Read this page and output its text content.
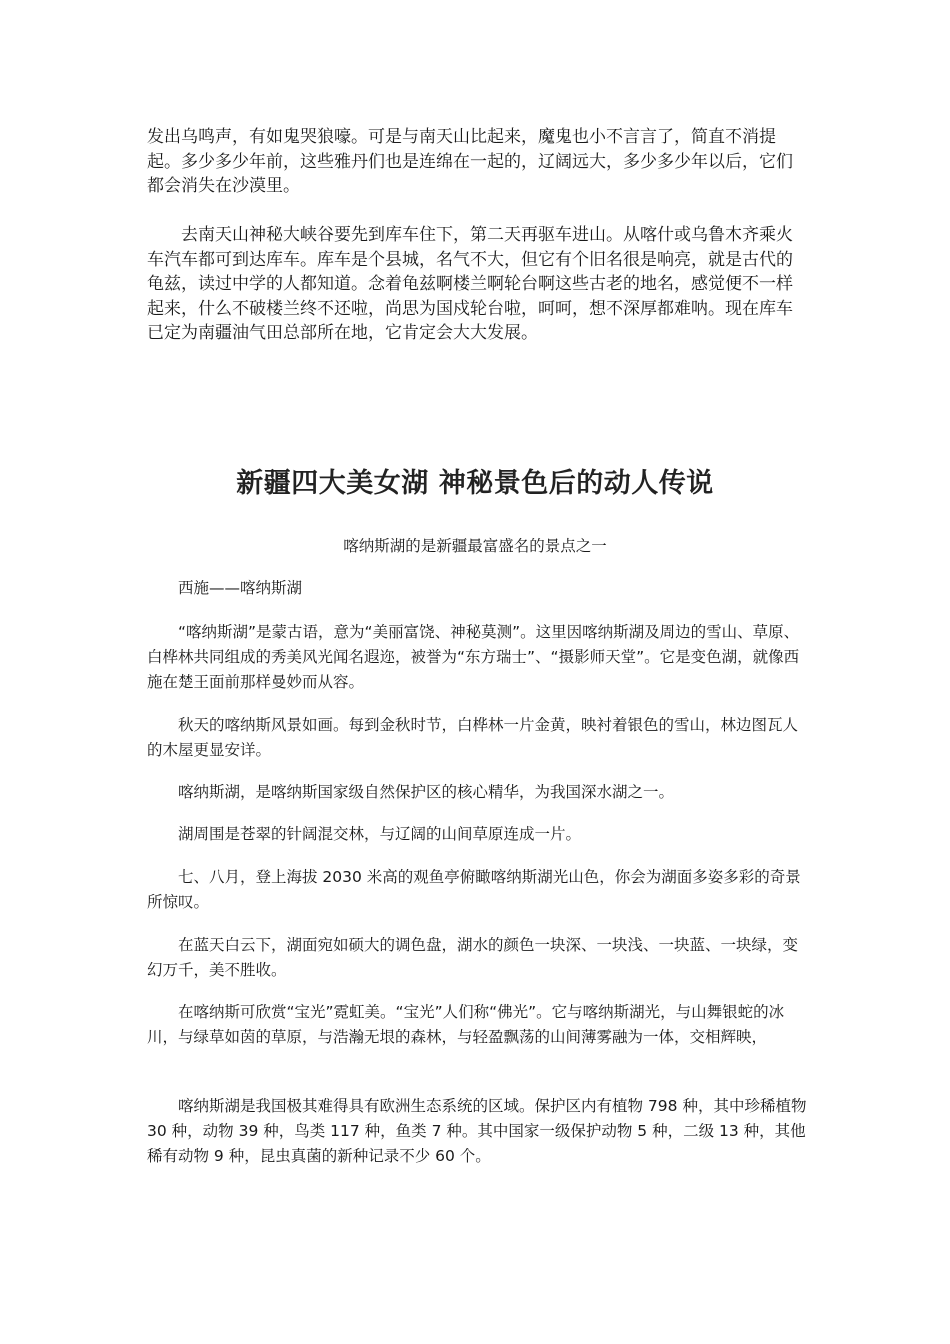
发出乌鸣声，有如鬼哭狼嚎。可是与南天山比起来，魔鬼也小不言言了，简直不消提起。多少多少年前，这些雅丹们也是连绵在一起的，辽阔远大，多少多少年以后，它们都会消失在沙漠里。

去南天山神秘大峡谷要先到库车住下，第二天再驱车进山。从喀什或乌鲁木齐乘火车汽车都可到达库车。库车是个县城，名气不大，但它有个旧名很是响亮，就是古代的龟兹，读过中学的人都知道。念着龟兹啊楼兰啊轮台啊这些古老的地名，感觉便不一样起来，什么不破楼兰终不还啦，尚思为国戍轮台啦，呵呵，想不深厚都难呐。现在库车已定为南疆油气田总部所在地，它肯定会大大发展。

新疆四大美女湖 神秘景色后的动人传说
喀纳斯湖的是新疆最富盛名的景点之一

西施——喀纳斯湖

“喀纳斯湖”是蒙古语，意为“美丽富饶、神秘莫测”。这里因喀纳斯湖及周边的雪山、草原、白桦林共同组成的秀美风光闻名遐迩，被誉为“东方瑞士”、“摄影师天堂”。它是变色湖，就像西施在楚王面前那样曼妙而从容。

秋天的喀纳斯风景如画。每到金秋时节，白桦林一片金黄，映衬着银色的雪山，林边图瓦人的木屋更显安详。

喀纳斯湖，是喀纳斯国家级自然保护区的核心精华，为我国深水湖之一。

湖周围是苍翠的针阔混交林，与辽阔的山间草原连成一片。

七、八月，登上海拔 2030 米高的观鱼亭俯瞰喀纳斯湖光山色，你会为湖面多姿多彩的奇景所惊叹。

在蓝天白云下，湖面宛如硕大的调色盘，湖水的颜色一块深、一块浅、一块蓝、一块绿，变幻万千，美不胜收。

在喀纳斯可欣赏“宝光”霓虹美。“宝光”人们称“佛光”。它与喀纳斯湖光，与山舞银蛇的冰川，与绿草如茵的草原，与浩瀚无垠的森林，与轻盈飘荡的山间薄雾融为一体，交相辉映，

喀纳斯湖是我国极其难得具有欧洲生态系统的区域。保护区内有植物 798 种，其中珍稀植物 30 种，动物 39 种，鸟类 117 种，鱼类 7 种。其中国家一级保护动物 5 种，二级 13 种，其他稀有动物 9 种，昆虫真菌的新种记录不少 60 个。
